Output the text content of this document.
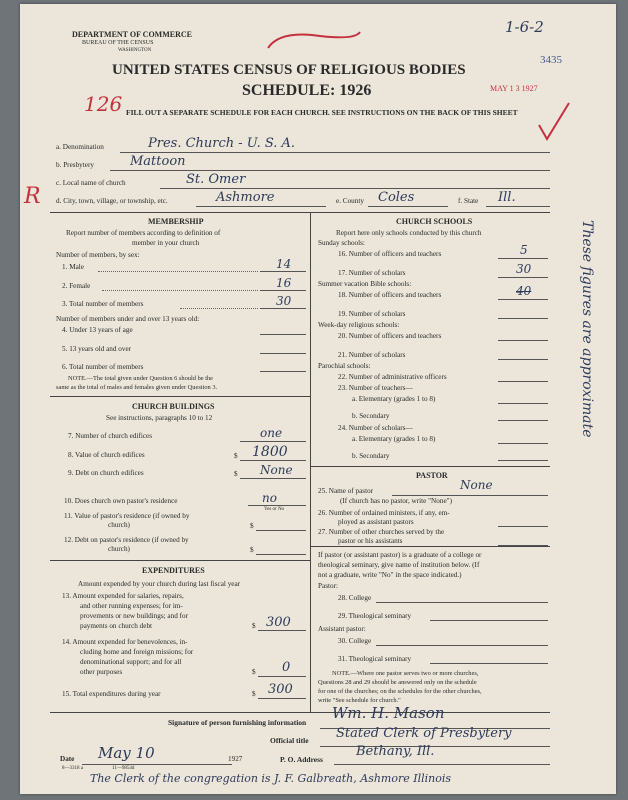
DEPARTMENT OF COMMERCE
BUREAU OF THE CENSUS
WASHINGTON
UNITED STATES CENSUS OF RELIGIOUS BODIES
SCHEDULE: 1926
FILL OUT A SEPARATE SCHEDULE FOR EACH CHURCH. SEE INSTRUCTIONS ON THE BACK OF THIS SHEET
1-6-2
3435
MAY 1 3 1927
126
R
a. Denomination	Pres. Church - U. S. A.
b. Presbytery	Mattoon
c. Local name of church	St. Omer
d. City, town, village, or township, etc.	Ashmore	e. County Coles	f. State Ill.
MEMBERSHIP
Report number of members according to definition of
member in your church
Number of members, by sex:
1. Male	14
2. Female	16
3. Total number of members	30
Number of members under and over 13 years old:
4. Under 13 years of age
5. 13 years old and over
6. Total number of members
NOTE.—The total given under Question 6 should be the
same as the total of males and females given under Question 3.
CHURCH BUILDINGS
See instructions, paragraphs 10 to 12
7. Number of church edifices	one
8. Value of church edifices	$ 1800
9. Debt on church edifices	$ None
10. Does church own pastor's residence	no
Yes or No
11. Value of pastor's residence (if owned by
church)	$
12. Debt on pastor's residence (if owned by
church)	$
EXPENDITURES
Amount expended by your church during last fiscal year
13. Amount expended for salaries, repairs,
and other running expenses; for im-
provements or new buildings; and for
payments on church debt	$ 300
14. Amount expended for benevolences, in-
cluding home and foreign missions; for
denominational support; and for all
other purposes	$ 0
15. Total expenditures during year	$ 300
CHURCH SCHOOLS
Report here only schools conducted by this church
Sunday schools:
16. Number of officers and teachers	5
17. Number of scholars	30
Summer vacation Bible schools:
18. Number of officers and teachers	40
19. Number of scholars
Week-day religious schools:
20. Number of officers and teachers
21. Number of scholars
Parochial schools:
22. Number of administrative officers
23. Number of teachers—
a. Elementary (grades 1 to 8)
b. Secondary
24. Number of scholars—
a. Elementary (grades 1 to 8)
b. Secondary
PASTOR
25. Name of pastor	None
(If church has no pastor, write "None")
26. Number of ordained ministers, if any, em-
ployed as assistant pastors
27. Number of other churches served by the
pastor or his assistants
If pastor (or assistant pastor) is a graduate of a college or
theological seminary, give name of institution below. (If
not a graduate, write "No" in the space indicated.)
Pastor:
28. College
29. Theological seminary
Assistant pastor:
30. College
31. Theological seminary
NOTE.—Where one pastor serves two or more churches,
Questions 28 and 29 should be answered only on the schedule
for one of the churches; on the schedules for the other churches,
write "See schedule for church."
These figures are approximate
Signature of person furnishing information
Wm. H. Mason
Official title Stated Clerk of Presbytery
Date May 10	1927	P. O. Address
Bethany, Ill.
8—3318 a	11—9854d
The Clerk of the congregation is J. F. Galbreath, Ashmore Illinois
